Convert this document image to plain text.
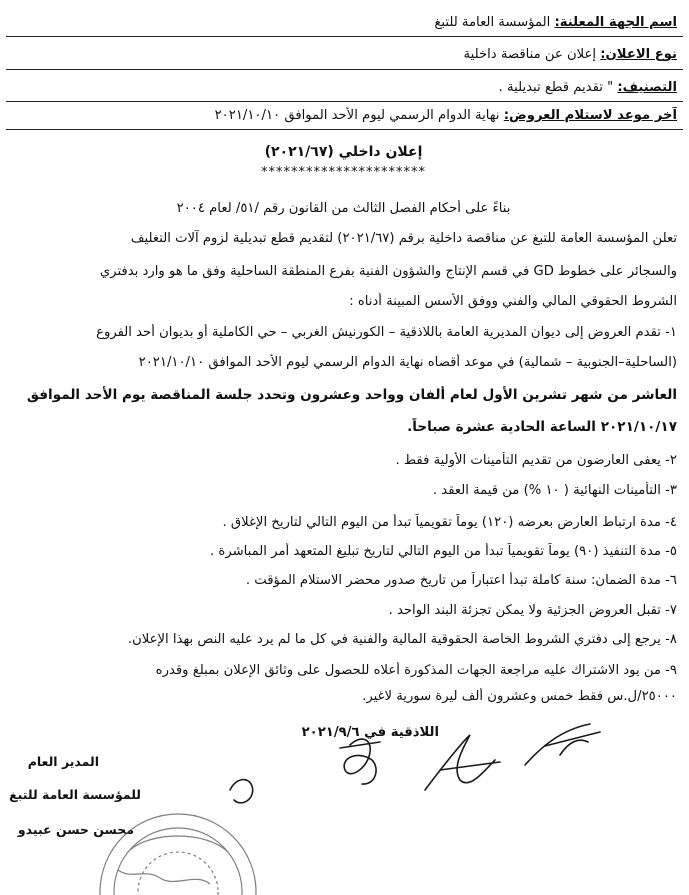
اسم الجهة المعلنة: المؤسسة العامة للتبغ
نوع الاعلان: إعلان عن مناقصة داخلية
التصنيف: " تقديم قطع تبديلية .
آخر موعد لاستلام العروض: نهاية الدوام الرسمي ليوم الأحد الموافق ٢٠٢١/١٠/١٠
إعلان داخلي (٢٠٢١/٦٧)
**********************
بناءً على أحكام الفصل الثالث من القانون رقم /٥١/ لعام ٢٠٠٤
تعلن المؤسسة العامة للتبغ عن مناقصة داخلية برقم (٢٠٢١/٦٧) لتقديم قطع تبديلية لزوم آلات التغليف
والسجائر على خطوط GD في قسم الإنتاج والشؤون الفنية بفرع المنطقة الساحلية وفق ما هو وارد بدفتري
الشروط الحقوقي المالي والفني ووفق الأسس المبينة أدناه :
١- تقدم العروض إلى ديوان المديرية العامة باللاذقية – الكورنيش الغربي – حي الكاملية أو بديوان أحد الفروع
(الساحلية–الجنوبية – شمالية) في موعد أقصاه نهاية الدوام الرسمي ليوم الأحد الموافق ٢٠٢١/١٠/١٠
العاشر من شهر تشرين الأول لعام ألفان وواحد وعشرون وتحدد جلسة المناقصة يوم الأحد الموافق
٢٠٢١/١٠/١٧ الساعة الحادية عشرة صباحاً.
٢- يعفى العارضون من تقديم التأمينات الأولية فقط .
٣- التأمينات النهائية ( ١٠ %) من قيمة العقد .
٤- مدة ارتباط العارض بعرضه (١٢٠) يوماً تقويمياً تبدأ من اليوم التالي لتاريخ الإغلاق .
٥- مدة التنفيذ (٩٠) يوماً تقويمياً تبدأ من اليوم التالي لتاريخ تبليغ المتعهد أمر المباشرة .
٦- مدة الضمان: سنة كاملة تبدأ اعتباراً من تاريخ صدور محضر الاستلام المؤقت .
٧- تقبل العروض الجزئية ولا يمكن تجزئة البند الواحد .
٨- يرجع إلى دفتري الشروط الخاصة الحقوقية المالية والفنية في كل ما لم يرد عليه النص بهذا الإعلان.
٩- من يود الاشتراك عليه مراجعة الجهات المذكورة أعلاه للحصول على وثائق الإعلان بمبلغ وقدره
٢٥٠٠٠/ل.س فقط خمس وعشرون ألف ليرة سورية لاغير.
اللاذقية في ٢٠٢١/٩/٦
المدير العام
للمؤسسة العامة للتبغ
محسن حسن عبيدو
